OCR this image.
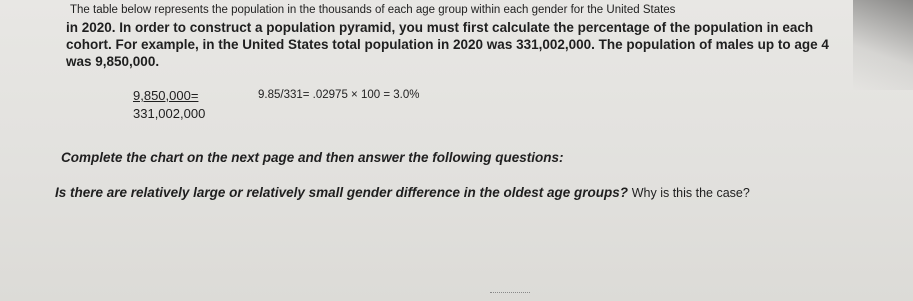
The table below represents the population in the thousands of each age group within each gender for the United States
in 2020. In order to construct a population pyramid, you must first calculate the percentage of the population in each
cohort. For example, in the United States total population in 2020 was 331,002,000. The population of males up to age 4
was 9,850,000.
$\frac{9,850,000=}{331,002,000} 9.85/331= .02975 \times 100 = 3.0\%$
Complete the chart on the next page and then answer the following questions:
Is there are relatively large or relatively small gender difference in the oldest age groups? Why is this the case?
